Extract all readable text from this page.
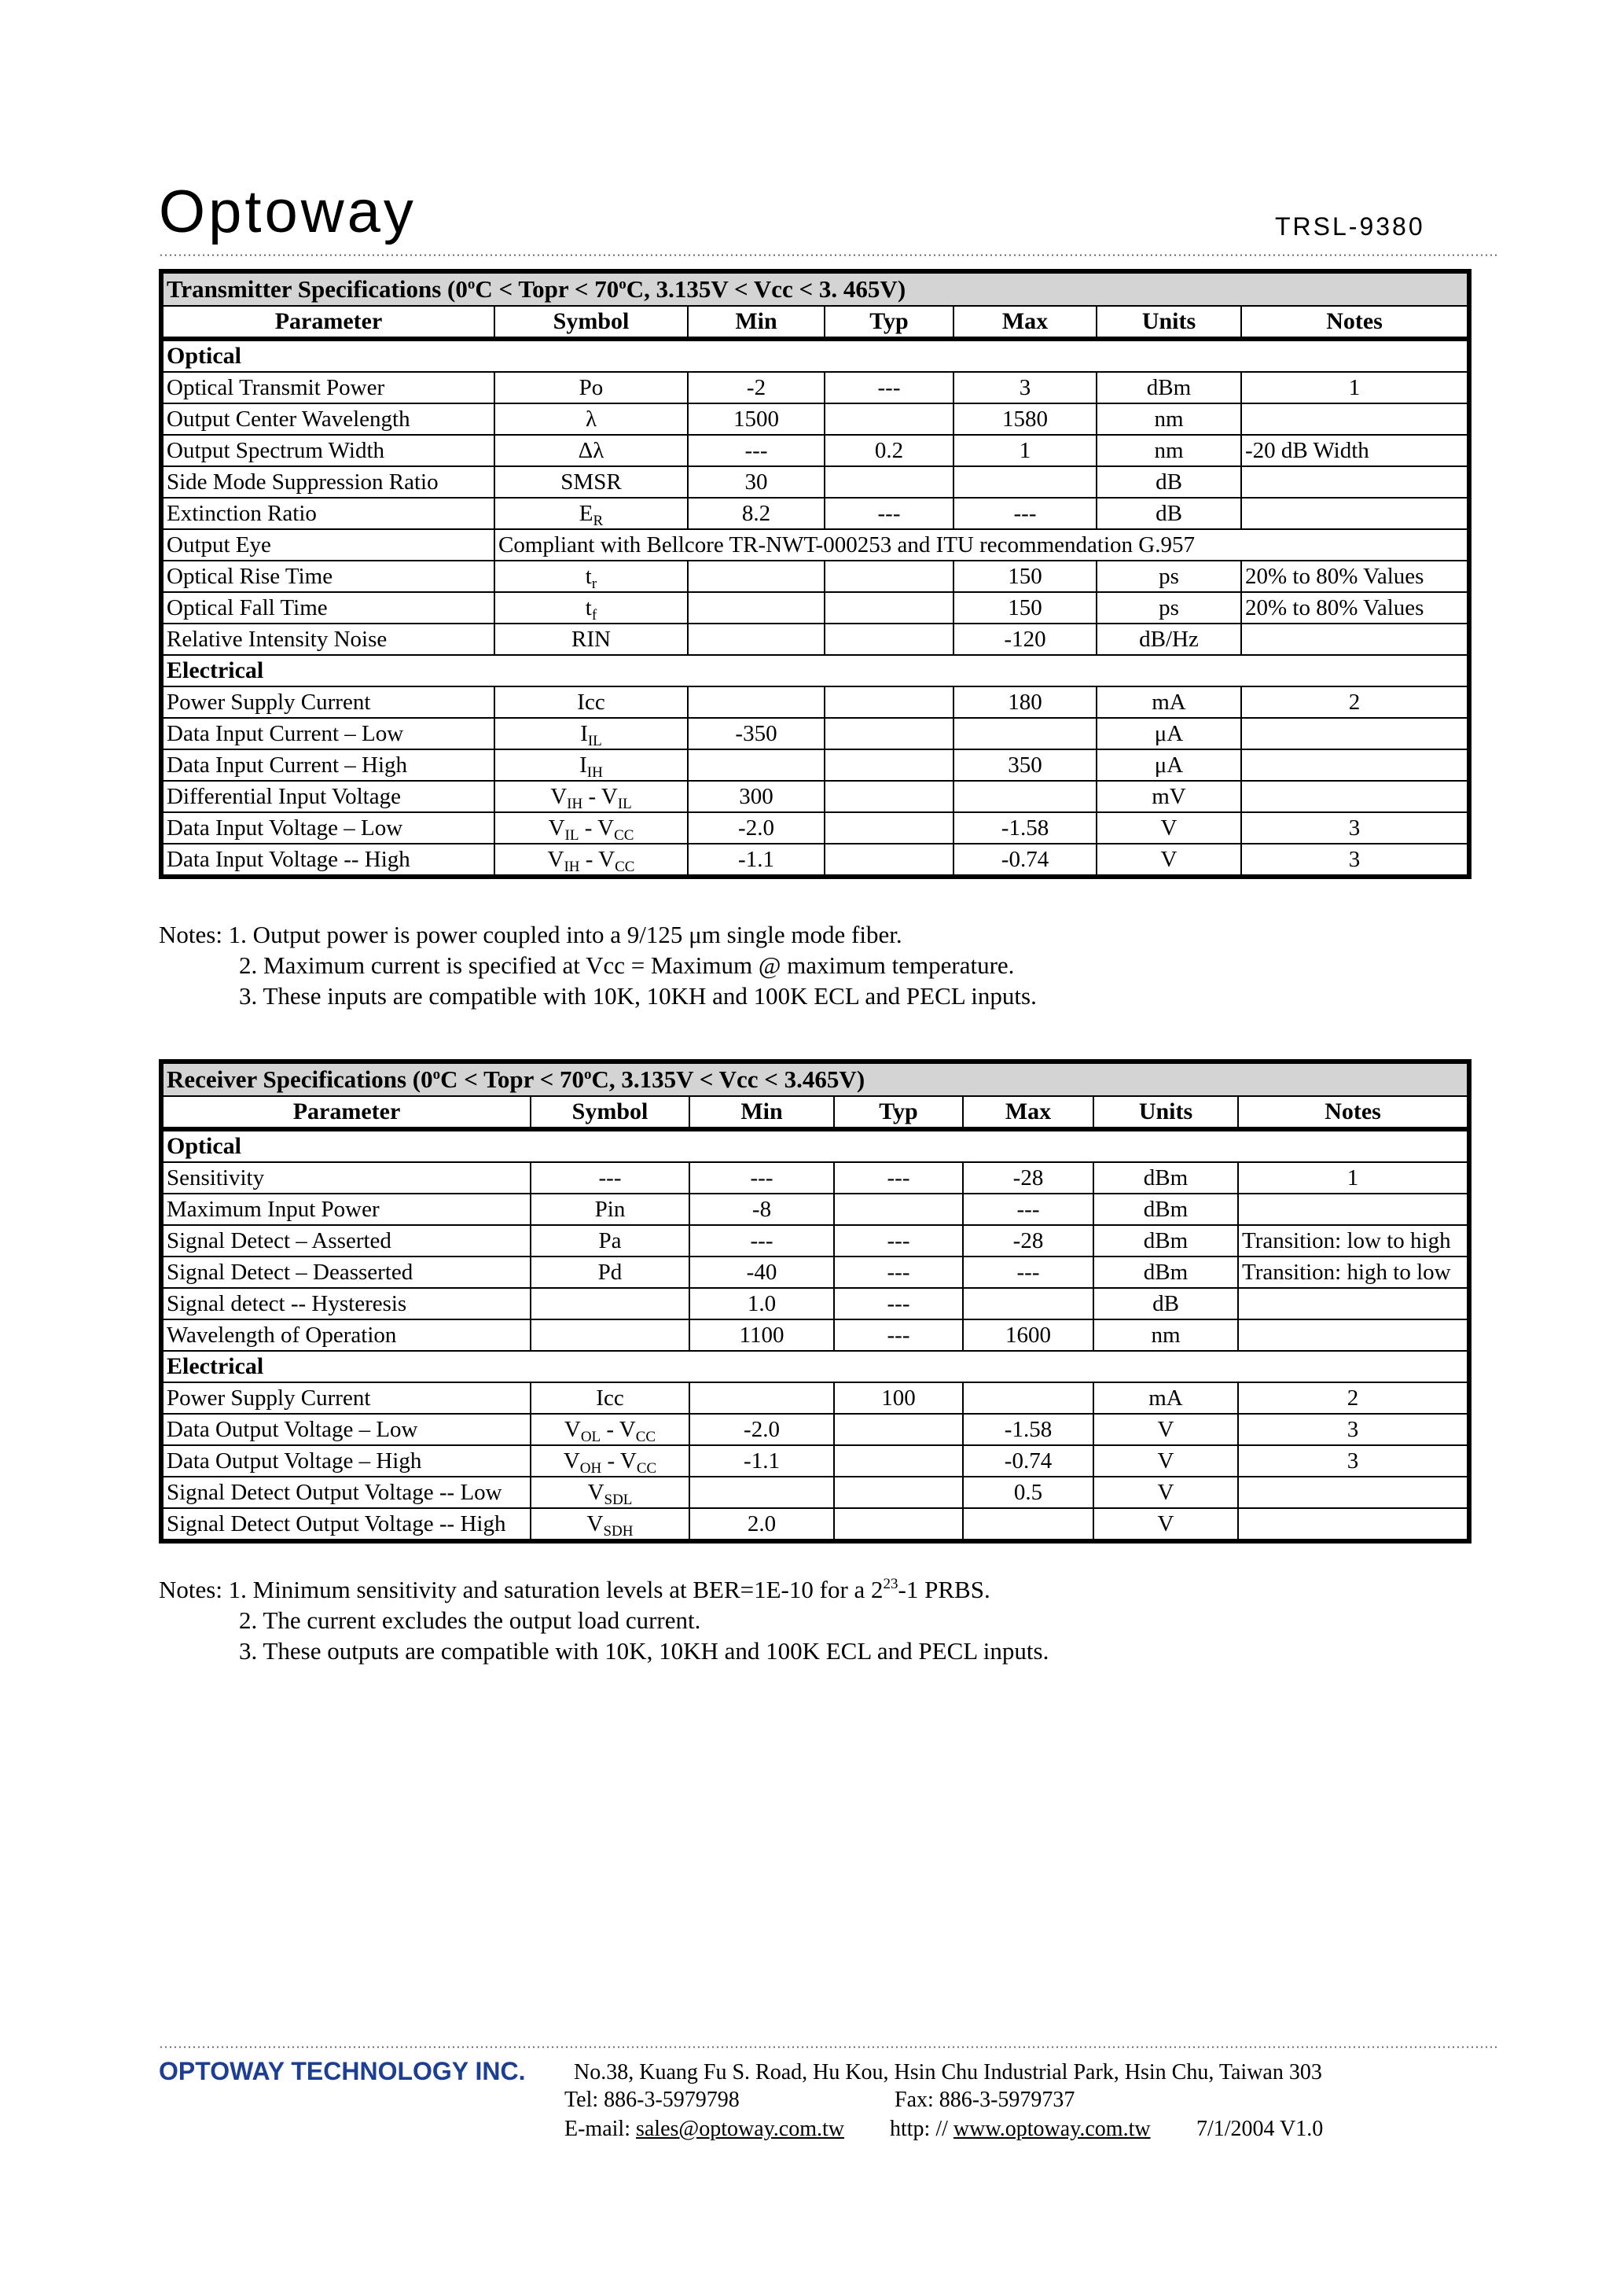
Optoway	TRSL-9380
Transmitter Specifications ($0^oC$ < Topr < $70^oC$, 3.135V < Vcc < 3. 465V)						
Parameter	Symbol	Min	Typ	Max	Units	Notes
Optical						
Optical Transmit Power	Po	-2	---	3	dBm	1
Output Center Wavelength	λ	1500		1580	nm	
Output Spectrum Width	Δλ	---	0.2	1	nm	-20 dB Width
Side Mode Suppression Ratio	SMSR	30			dB	
Extinction Ratio	$E_R$	8.2	---	---	dB	
Output Eye	Compliant with Bellcore TR-NWT-000253 and ITU recommendation G.957					
Optical Rise Time	$t_r$			150	ps	20% to 80% Values
Optical Fall Time	$t_f$			150	ps	20% to 80% Values
Relative Intensity Noise	RIN			-120	dB/Hz	
Electrical						
Power Supply Current	Icc			180	mA	2
Data Input Current – Low	$I_{IL}$	-350			μA	
Data Input Current – High	$I_{IH}$			350	μA	
Differential Input Voltage	$V_{IH} - V_{IL}$	300			mV	
Data Input Voltage – Low	$V_{IL} - V_{CC}$	-2.0		-1.58	V	3
Data Input Voltage -- High	$V_{IH} - V_{CC}$	-1.1		-0.74	V	3
Notes: 1. Output power is power coupled into a 9/125 μm single mode fiber.
2. Maximum current is specified at Vcc = Maximum @ maximum temperature.
3. These inputs are compatible with 10K, 10KH and 100K ECL and PECL inputs.
Receiver Specifications ($0^oC$ < Topr < $70^oC$, 3.135V < Vcc < 3.465V)						
Parameter	Symbol	Min	Typ	Max	Units	Notes
Optical						
Sensitivity	---	---	---	-28	dBm	1
Maximum Input Power	Pin	-8		---	dBm	
Signal Detect – Asserted	Pa	---	---	-28	dBm	Transition: low to high
Signal Detect – Deasserted	Pd	-40	---	---	dBm	Transition: high to low
Signal detect -- Hysteresis		1.0	---		dB	
Wavelength of Operation		1100	---	1600	nm	
Electrical						
Power Supply Current	Icc		100		mA	2
Data Output Voltage – Low	$V_{OL} - V_{CC}$	-2.0		-1.58	V	3
Data Output Voltage – High	$V_{OH} - V_{CC}$	-1.1		-0.74	V	3
Signal Detect Output Voltage -- Low	$V_{SDL}$			0.5	V	
Signal Detect Output Voltage -- High	$V_{SDH}$	2.0			V	
Notes: 1. Minimum sensitivity and saturation levels at BER=1E-10 for a $2^{23}-1$ PRBS.
2. The current excludes the output load current.
3. These outputs are compatible with 10K, 10KH and 100K ECL and PECL inputs.
OPTOWAY TECHNOLOGY INC. No.38, Kuang Fu S. Road, Hu Kou, Hsin Chu Industrial Park, Hsin Chu, Taiwan 303
Tel: 886-3-5979798	Fax: 886-3-5979737
E-mail: sales@optoway.com.tw http: // www.optoway.com.tw 7/1/2004 V1.0
